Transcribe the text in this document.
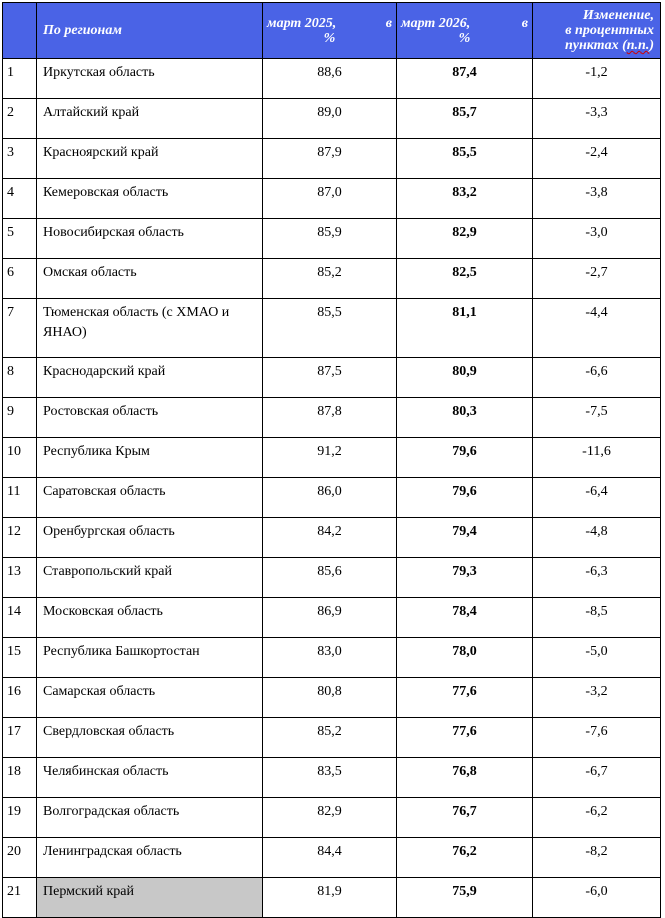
	По регионам	март 2025, в
%	март 2026, в
%	Изменение,
в процентных
пунктах (п.п.)

1	Иркутская область	88,6	87,4	-1,2
2	Алтайский край	89,0	85,7	-3,3
3	Красноярский край	87,9	85,5	-2,4
4	Кемеровская область	87,0	83,2	-3,8
5	Новосибирская область	85,9	82,9	-3,0
6	Омская область	85,2	82,5	-2,7
7	Тюменская область (с ХМАО и ЯНАО)	85,5	81,1	-4,4
8	Краснодарский край	87,5	80,9	-6,6
9	Ростовская область	87,8	80,3	-7,5
10	Республика Крым	91,2	79,6	-11,6
11	Саратовская область	86,0	79,6	-6,4
12	Оренбургская область	84,2	79,4	-4,8
13	Ставропольский край	85,6	79,3	-6,3
14	Московская область	86,9	78,4	-8,5
15	Республика Башкортостан	83,0	78,0	-5,0
16	Самарская область	80,8	77,6	-3,2
17	Свердловская область	85,2	77,6	-7,6
18	Челябинская область	83,5	76,8	-6,7
19	Волгоградская область	82,9	76,7	-6,2
20	Ленинградская область	84,4	76,2	-8,2
21	Пермский край	81,9	75,9	-6,0
